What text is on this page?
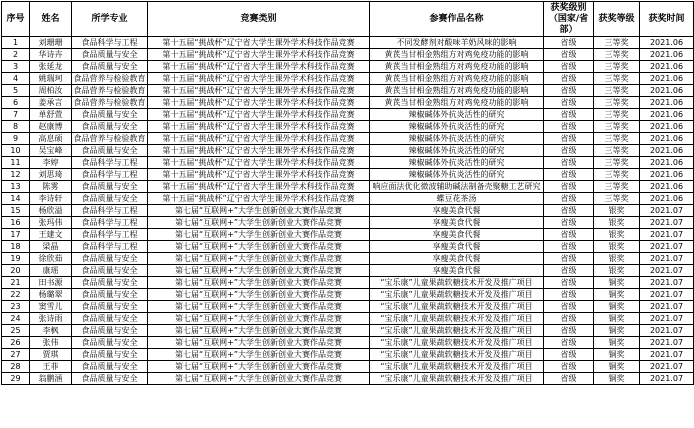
序号	姓名	所学专业	竞赛类别	参赛作品名称	获奖级别（国家/省部）	获奖等级	获奖时间
1	刘珊珊	食品科学与工程	第十五届“挑战杯”辽宁省大学生课外学术科技作品竞赛	不同发酵剂对酸味羊奶风味的影响	省级	三等奖	2021.06
2	华诗卉	食品质量与安全	第十五届“挑战杯”辽宁省大学生课外学术科技作品竞赛	黄芪当甘相金熟组方对鸡免疫功能的影响	省级	三等奖	2021.06
3	张延龙	食品质量与安全	第十五届“挑战杯”辽宁省大学生课外学术科技作品竞赛	黄芪当甘相金熟组方对鸡免疫功能的影响	省级	三等奖	2021.06
4	姚瑞珂	食品营养与检验教育	第十五届“挑战杯”辽宁省大学生课外学术科技作品竞赛	黄芪当甘相金熟组方对鸡免疫功能的影响	省级	三等奖	2021.06
5	周柏汝	食品营养与检验教育	第十五届“挑战杯”辽宁省大学生课外学术科技作品竞赛	黄芪当甘相金熟组方对鸡免疫功能的影响	省级	三等奖	2021.06
6	姜承言	食品营养与检验教育	第十五届“挑战杯”辽宁省大学生课外学术科技作品竞赛	黄芪当甘相金熟组方对鸡免疫功能的影响	省级	三等奖	2021.06
7	单舒萱	食品质量与安全	第十五届“挑战杯”辽宁省大学生课外学术科技作品竞赛	辣椒碱体外抗炎活性的研究	省级	三等奖	2021.06
8	赵康博	食品质量与安全	第十五届“挑战杯”辽宁省大学生课外学术科技作品竞赛	辣椒碱体外抗炎活性的研究	省级	三等奖	2021.06
9	高息硕	食品营养与检验教育	第十五届“挑战杯”辽宁省大学生课外学术科技作品竞赛	辣椒碱体外抗炎活性的研究	省级	三等奖	2021.06
10	吴宝峰	食品质量与安全	第十五届“挑战杯”辽宁省大学生课外学术科技作品竞赛	辣椒碱体外抗炎活性的研究	省级	三等奖	2021.06
11	李婷	食品科学与工程	第十五届“挑战杯”辽宁省大学生课外学术科技作品竞赛	辣椒碱体外抗炎活性的研究	省级	三等奖	2021.06
12	刘思琦	食品科学与工程	第十五届“挑战杯”辽宁省大学生课外学术科技作品竞赛	辣椒碱体外抗炎活性的研究	省级	三等奖	2021.06
13	陈雾	食品质量与安全	第十五届“挑战杯”辽宁省大学生课外学术科技作品竞赛	响应面法优化微波辅助碱法制备壳聚糖工艺研究	省级	三等奖	2021.06
14	李诗轩	食品质量与安全	第十五届“挑战杯”辽宁省大学生课外学术科技作品竞赛	蝶豆花茶汤	省级	三等奖	2021.06
15	杨欣溢	食品科学与工程	第七届“互联网+”大学生创新创业大赛作品竞赛	享瘦美食代餐	省级	银奖	2021.07
16	张玛伟	食品科学与工程	第七届“互联网+”大学生创新创业大赛作品竞赛	享瘦美食代餐	省级	银奖	2021.07
17	王建文	食品科学与工程	第七届“互联网+”大学生创新创业大赛作品竞赛	享瘦美食代餐	省级	银奖	2021.07
18	梁晶	食品科学与工程	第七届“互联网+”大学生创新创业大赛作品竞赛	享瘦美食代餐	省级	银奖	2021.07
19	徐欣茹	食品质量与安全	第七届“互联网+”大学生创新创业大赛作品竞赛	享瘦美食代餐	省级	银奖	2021.07
20	康瑶	食品质量与安全	第七届“互联网+”大学生创新创业大赛作品竞赛	享瘦美食代餐	省级	银奖	2021.07
21	田书源	食品质量与安全	第七届“互联网+”大学生创新创业大赛作品竞赛	“宝乐康”儿童果蔬软糖技术开发及推广项目	省级	铜奖	2021.07
22	杨璐翠	食品质量与安全	第七届“互联网+”大学生创新创业大赛作品竞赛	“宝乐康”儿童果蔬软糖技术开发及推广项目	省级	铜奖	2021.07
23	窦雪儿	食品质量与安全	第七届“互联网+”大学生创新创业大赛作品竞赛	“宝乐康”儿童果蔬软糖技术开发及推广项目	省级	铜奖	2021.07
24	张诗雨	食品质量与安全	第七届“互联网+”大学生创新创业大赛作品竞赛	“宝乐康”儿童果蔬软糖技术开发及推广项目	省级	铜奖	2021.07
25	李枫	食品质量与安全	第七届“互联网+”大学生创新创业大赛作品竞赛	“宝乐康”儿童果蔬软糖技术开发及推广项目	省级	铜奖	2021.07
26	张伟	食品质量与安全	第七届“互联网+”大学生创新创业大赛作品竞赛	“宝乐康”儿童果蔬软糖技术开发及推广项目	省级	铜奖	2021.07
27	贾琪	食品质量与安全	第七届“互联网+”大学生创新创业大赛作品竞赛	“宝乐康”儿童果蔬软糖技术开发及推广项目	省级	铜奖	2021.07
28	王菲	食品质量与安全	第七届“互联网+”大学生创新创业大赛作品竞赛	“宝乐康”儿童果蔬软糖技术开发及推广项目	省级	铜奖	2021.07
29	翁鹏涵	食品质量与安全	第七届“互联网+”大学生创新创业大赛作品竞赛	“宝乐康”儿童果蔬软糖技术开发及推广项目	省级	铜奖	2021.07
